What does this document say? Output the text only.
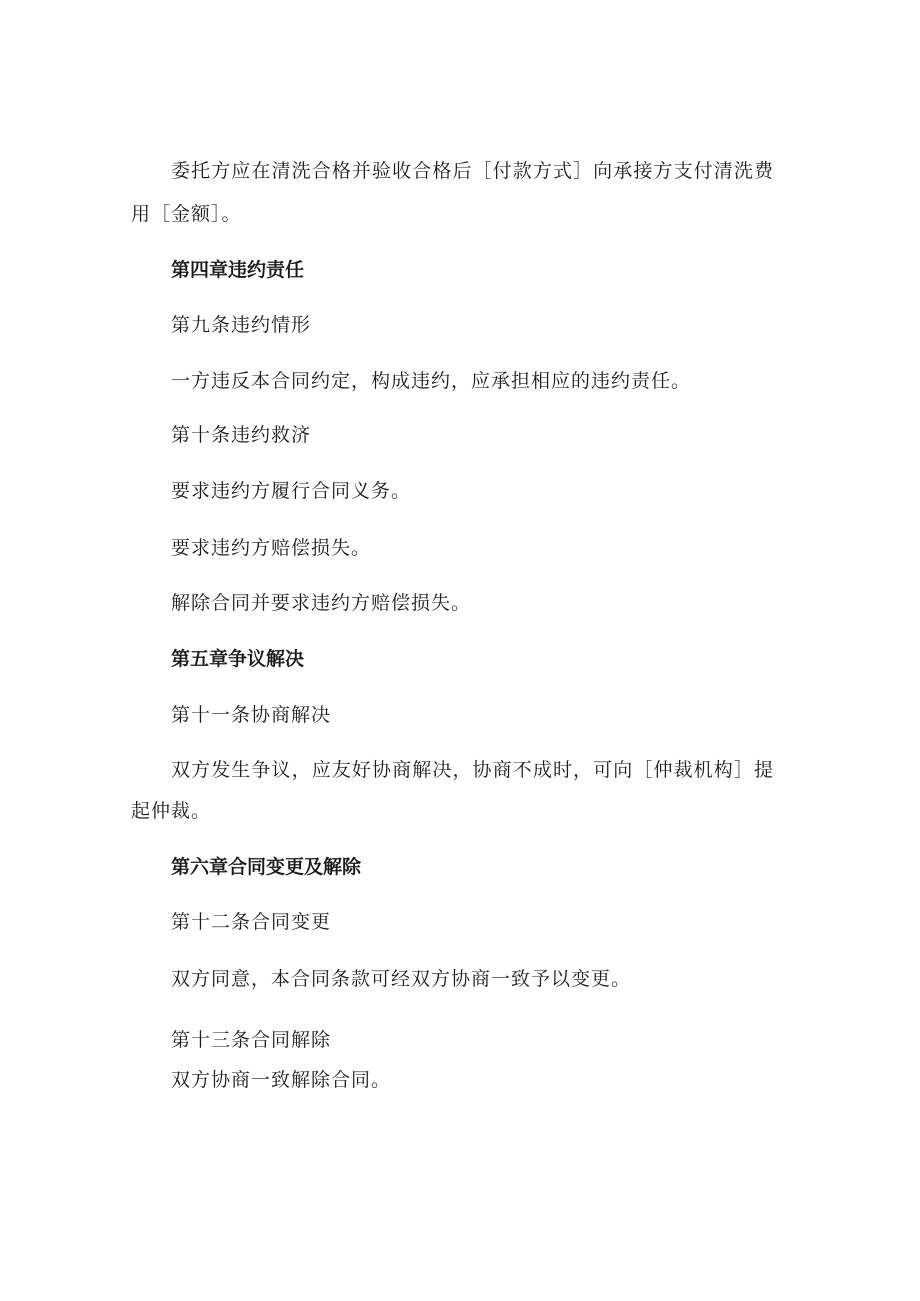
委托方应在清洗合格并验收合格后［付款方式］向承接方支付清洗费
用［金额］。
第四章违约责任
第九条违约情形
一方违反本合同约定，构成违约，应承担相应的违约责任。
第十条违约救济
要求违约方履行合同义务。
要求违约方赔偿损失。
解除合同并要求违约方赔偿损失。
第五章争议解决
第十一条协商解决
双方发生争议，应友好协商解决，协商不成时，可向［仲裁机构］提
起仲裁。
第六章合同变更及解除
第十二条合同变更
双方同意，本合同条款可经双方协商一致予以变更。
第十三条合同解除
双方协商一致解除合同。
